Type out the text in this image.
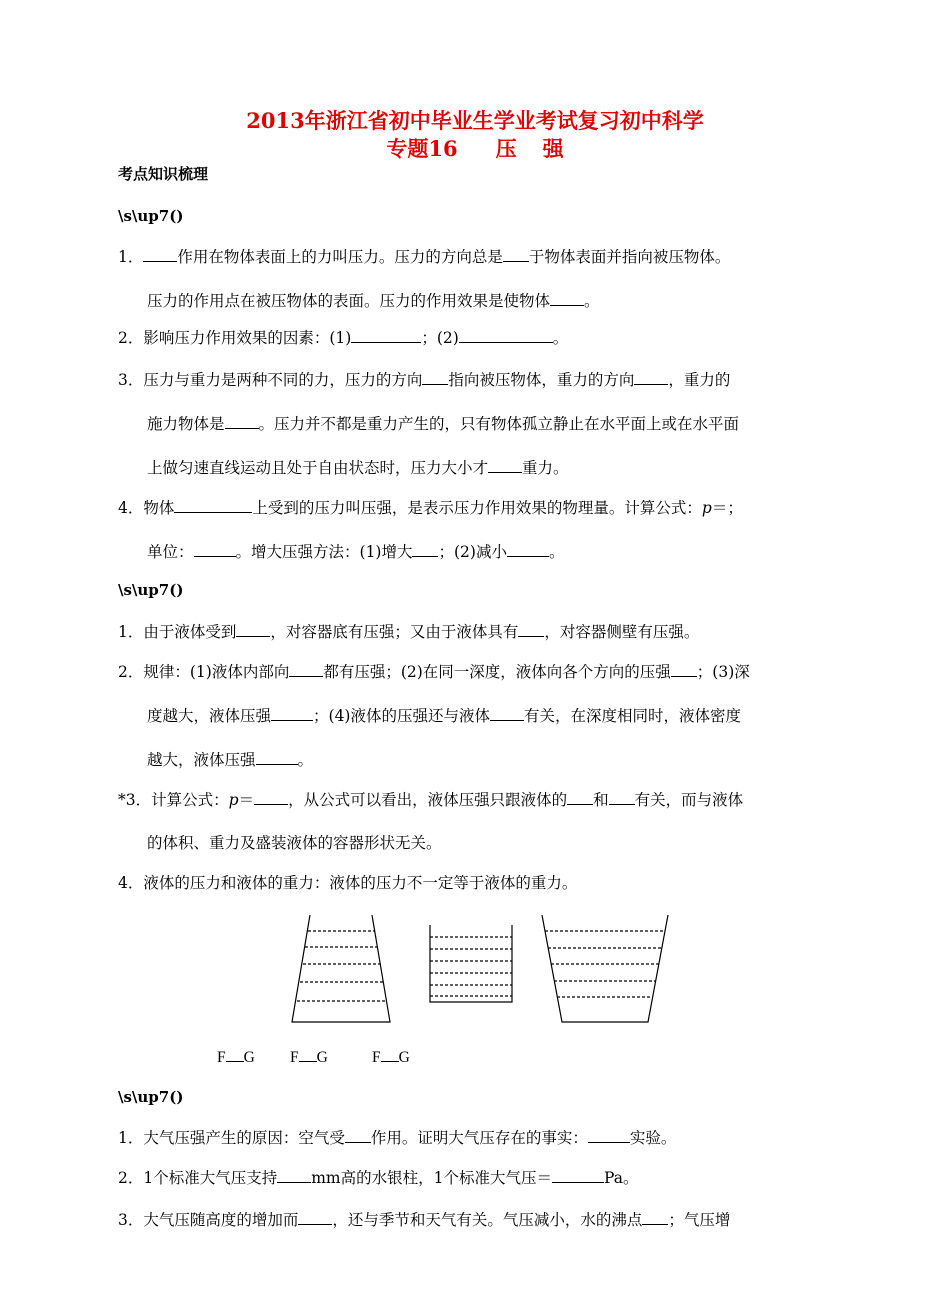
2013年浙江省初中毕业生学业考试复习初中科学
专题16 压 强
考点知识梳理
\s\up7()
1． 作用在物体表面上的力叫压力。压力的方向总是 于物体表面并指向被压物体。
压力的作用点在被压物体的表面。压力的作用效果是使物体 。
2．影响压力作用效果的因素：(1)	；(2)	。
3．压力与重力是两种不同的力，压力的方向 指向被压物体，重力的方向 ，重力的
施力物体是 。压力并不都是重力产生的，只有物体孤立静止在水平面上或在水平面
上做匀速直线运动且处于自由状态时，压力大小才 重力。
4．物体	上受到的压力叫压强，是表示压力作用效果的物理量。计算公式：p＝；
单位：	。增大压强方法：(1)增大 ；(2)减小	。
\s\up7()
1．由于液体受到 ，对容器底有压强；又由于液体具有 ，对容器侧壁有压强。
2．规律：(1)液体内部向 都有压强；(2)在同一深度，液体向各个方向的压强 ；(3)深
度越大，液体压强	；(4)液体的压强还与液体 有关，在深度相同时，液体密度
越大，液体压强	。
*3．计算公式：p＝ ，从公式可以看出，液体压强只跟液体的 和 有关，而与液体
的体积、重力及盛装液体的容器形状无关。
4．液体的压力和液体的重力：液体的压力不一定等于液体的重力。
F G F G	F G
\s\up7()
1．大气压强产生的原因：空气受 作用。证明大气压存在的事实：	实验。
2．1个标准大气压支持 mm高的水银柱，1个标准大气压＝	Pa。
3．大气压随高度的增加而 ，还与季节和天气有关。气压减小，水的沸点 ；气压增
